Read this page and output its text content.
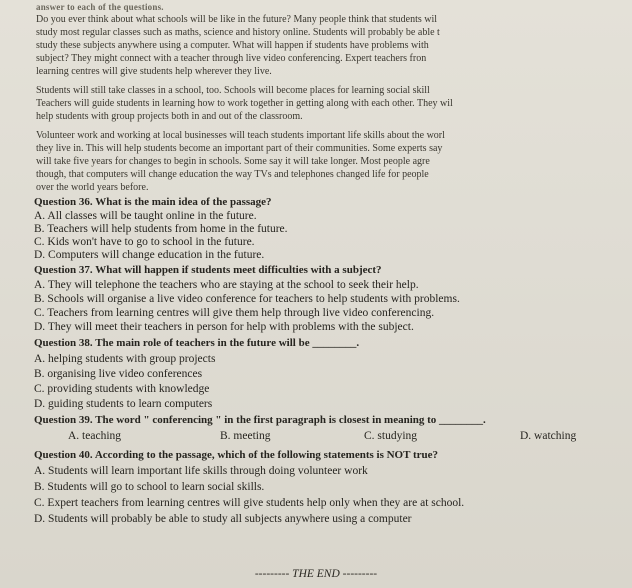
answer to each of the questions.
Do you ever think about what schools will be like in the future? Many people think that students wil
study most regular classes such as maths, science and history online. Students will probably be able t
study these subjects anywhere using a computer. What will happen if students have problems with
subject? They might connect with a teacher through live video conferencing. Expert teachers fron
learning centres will give students help wherever they live.
Students will still take classes in a school, too. Schools will become places for learning social skill
Teachers will guide students in learning how to work together in getting along with each other. They wil
help students with group projects both in and out of the classroom.
Volunteer work and working at local businesses will teach students important life skills about the worl
they live in. This will help students become an important part of their communities. Some experts say
will take five years for changes to begin in schools. Some say it will take longer. Most people agre
though, that computers will change education the way TVs and telephones changed life for people
over the world years before.
Question 36. What is the main idea of the passage?
A. All classes will be taught online in the future.
B. Teachers will help students from home in the future.
C. Kids won't have to go to school in the future.
D. Computers will change education in the future.
Question 37. What will happen if students meet difficulties with a subject?
A. They will telephone the teachers who are staying at the school to seek their help.
B. Schools will organise a live video conference for teachers to help students with problems.
C. Teachers from learning centres will give them help through live video conferencing.
D. They will meet their teachers in person for help with problems with the subject.
Question 38. The main role of teachers in the future will be ________.
A. helping students with group projects
B. organising live video conferences
C. providing students with knowledge
D. guiding students to learn computers
Question 39. The word " conferencing " in the first paragraph is closest in meaning to ________.
A. teaching	B. meeting	C. studying	D. watching
Question 40. According to the passage, which of the following statements is NOT true?
A. Students will learn important life skills through doing volunteer work
B. Students will go to school to learn social skills.
C. Expert teachers from learning centres will give students help only when they are at school.
D. Students will probably be able to study all subjects anywhere using a computer
--------- THE END ---------
